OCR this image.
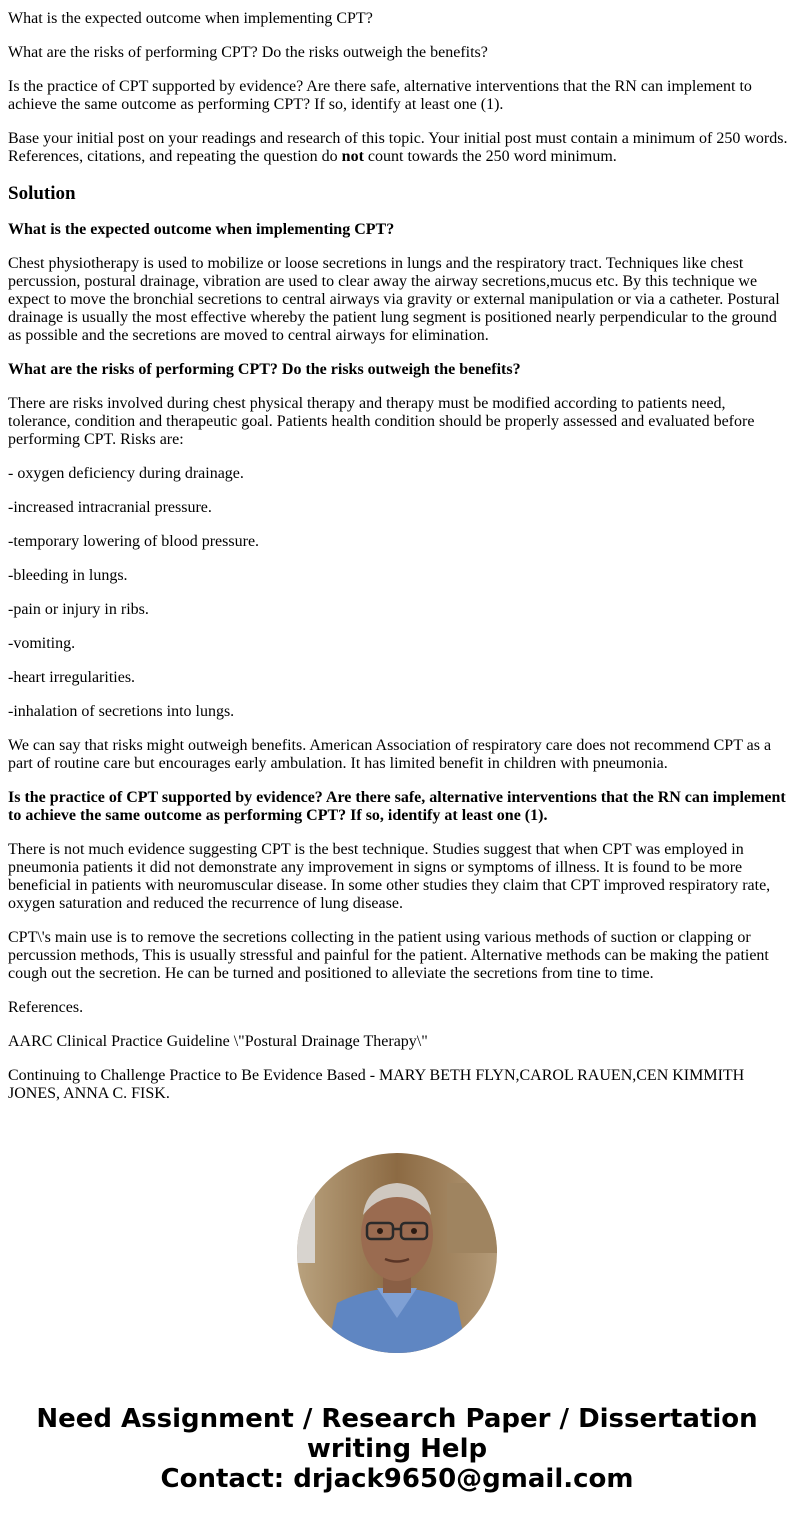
What is the expected outcome when implementing CPT?

What are the risks of performing CPT? Do the risks outweigh the benefits?

Is the practice of CPT supported by evidence? Are there safe, alternative interventions that the RN can implement to achieve the same outcome as performing CPT? If so, identify at least one (1).

Base your initial post on your readings and research of this topic. Your initial post must contain a minimum of 250 words. References, citations, and repeating the question do not count towards the 250 word minimum.

Solution

What is the expected outcome when implementing CPT?

Chest physiotherapy is used to mobilize or loose secretions in lungs and the respiratory tract. Techniques like chest percussion, postural drainage, vibration are used to clear away the airway secretions,mucus etc. By this technique we expect to move the bronchial secretions to central airways via gravity or external manipulation or via a catheter. Postural drainage is usually the most effective whereby the patient lung segment is positioned nearly perpendicular to the ground as possible and the secretions are moved to central airways for elimination.

What are the risks of performing CPT? Do the risks outweigh the benefits?

There are risks involved during chest physical therapy and therapy must be modified according to patients need, tolerance, condition and therapeutic goal. Patients health condition should be properly assessed and evaluated before performing CPT. Risks are:

- oxygen deficiency during drainage.

-increased intracranial pressure.

-temporary lowering of blood pressure.

-bleeding in lungs.

-pain or injury in ribs.

-vomiting.

-heart irregularities.

-inhalation of secretions into lungs.

We can say that risks might outweigh benefits. American Association of respiratory care does not recommend CPT as a part of routine care but encourages early ambulation. It has limited benefit in children with pneumonia.

Is the practice of CPT supported by evidence? Are there safe, alternative interventions that the RN can implement to achieve the same outcome as performing CPT? If so, identify at least one (1).

There is not much evidence suggesting CPT is the best technique. Studies suggest that when CPT was employed in pneumonia patients it did not demonstrate any improvement in signs or symptoms of illness. It is found to be more beneficial in patients with neuromuscular disease. In some other studies they claim that CPT improved respiratory rate, oxygen saturation and reduced the recurrence of lung disease.

CPT\'s main use is to remove the secretions collecting in the patient using various methods of suction or clapping or percussion methods, This is usually stressful and painful for the patient. Alternative methods can be making the patient cough out the secretion. He can be turned and positioned to alleviate the secretions from tine to time.

References.

AARC Clinical Practice Guideline \"Postural Drainage Therapy\"

Continuing to Challenge Practice to Be Evidence Based - MARY BETH FLYN,CAROL RAUEN,CEN KIMMITH JONES, ANNA C. FISK.

Need Assignment / Research Paper / Dissertation
writing Help
Contact: drjack9650@gmail.com
